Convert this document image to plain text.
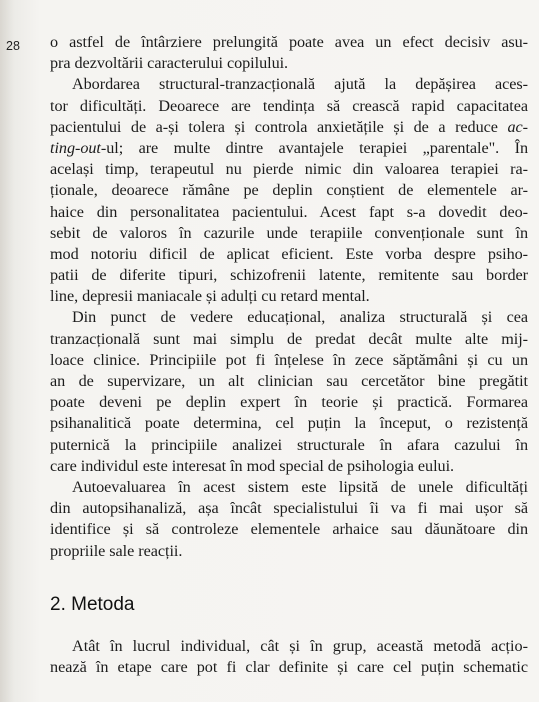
28 o astfel de întârziere prelungită poate avea un efect decisiv asu-
pra dezvoltării caracterului copilului.
Abordarea structural-tranzacțională ajută la depășirea aces-
tor dificultăți. Deoarece are tendința să crească rapid capacitatea
pacientului de a-și tolera și controla anxietățile și de a reduce ac-
ting-out-ul; are multe dintre avantajele terapiei „parentale". În
același timp, terapeutul nu pierde nimic din valoarea terapiei ra-
ționale, deoarece rămâne pe deplin conștient de elementele ar-
haice din personalitatea pacientului. Acest fapt s-a dovedit deo-
sebit de valoros în cazurile unde terapiile convenționale sunt în
mod notoriu dificil de aplicat eficient. Este vorba despre psiho-
patii de diferite tipuri, schizofrenii latente, remitente sau border
line, depresii maniacale și adulți cu retard mental.
Din punct de vedere educațional, analiza structurală și cea
tranzacțională sunt mai simplu de predat decât multe alte mij-
loace clinice. Principiile pot fi înțelese în zece săptămâni și cu un
an de supervizare, un alt clinician sau cercetător bine pregătit
poate deveni pe deplin expert în teorie și practică. Formarea
psihanalitică poate determina, cel puțin la început, o rezistență
puternică la principiile analizei structurale în afara cazului în
care individul este interesat în mod special de psihologia eului.
Autoevaluarea în acest sistem este lipsită de unele dificultăți
din autopsihanaliză, așa încât specialistului îi va fi mai ușor să
identifice și să controleze elementele arhaice sau dăunătoare din
propriile sale reacții.
2. Metoda
Atât în lucrul individual, cât și în grup, această metodă acțio-
nează în etape care pot fi clar definite și care cel puțin schematic
